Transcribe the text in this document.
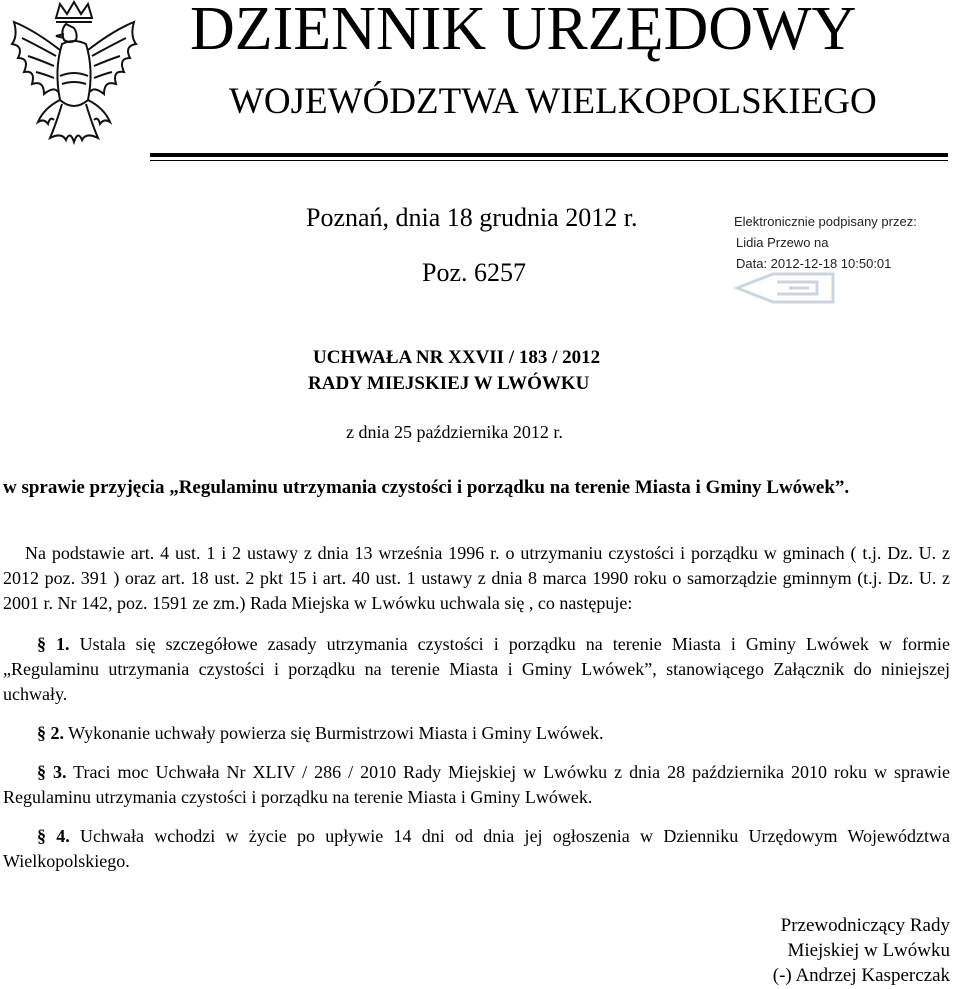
DZIENNIK URZĘDOWY
WOJEWÓDZTWA WIELKOPOLSKIEGO
Poznań, dnia 18 grudnia 2012 r.
Poz. 6257
Elektronicznie podpisany przez:
Lidia Przewo na
Data: 2012-12-18 10:50:01
UCHWAŁA NR XXVII / 183 / 2012
RADY MIEJSKIEJ W LWÓWKU
z dnia 25 października 2012 r.
w sprawie przyjęcia „Regulaminu utrzymania czystości i porządku na terenie Miasta i Gminy Lwówek”.

Na podstawie art. 4 ust. 1 i 2 ustawy z dnia 13 września 1996 r. o utrzymaniu czystości i porządku w gminach ( t.j. Dz. U. z 2012 poz. 391 ) oraz art. 18 ust. 2 pkt 15 i art. 40 ust. 1 ustawy z dnia 8 marca 1990 roku o samorządzie gminnym (t.j. Dz. U. z 2001 r. Nr 142, poz. 1591 ze zm.) Rada Miejska w Lwówku uchwala się , co następuje:

§ 1. Ustala się szczegółowe zasady utrzymania czystości i porządku na terenie Miasta i Gminy Lwówek w formie „Regulaminu utrzymania czystości i porządku na terenie Miasta i Gminy Lwówek”, stanowiącego Załącznik do niniejszej uchwały.

§ 2. Wykonanie uchwały powierza się Burmistrzowi Miasta i Gminy Lwówek.

§ 3. Traci moc Uchwała Nr XLIV / 286 / 2010 Rady Miejskiej w Lwówku z dnia 28 października 2010 roku w sprawie Regulaminu utrzymania czystości i porządku na terenie Miasta i Gminy Lwówek.

§ 4. Uchwała wchodzi w życie po upływie 14 dni od dnia jej ogłoszenia w Dzienniku Urzędowym Województwa Wielkopolskiego.

Przewodniczący Rady
Miejskiej w Lwówku
(-) Andrzej Kasperczak
